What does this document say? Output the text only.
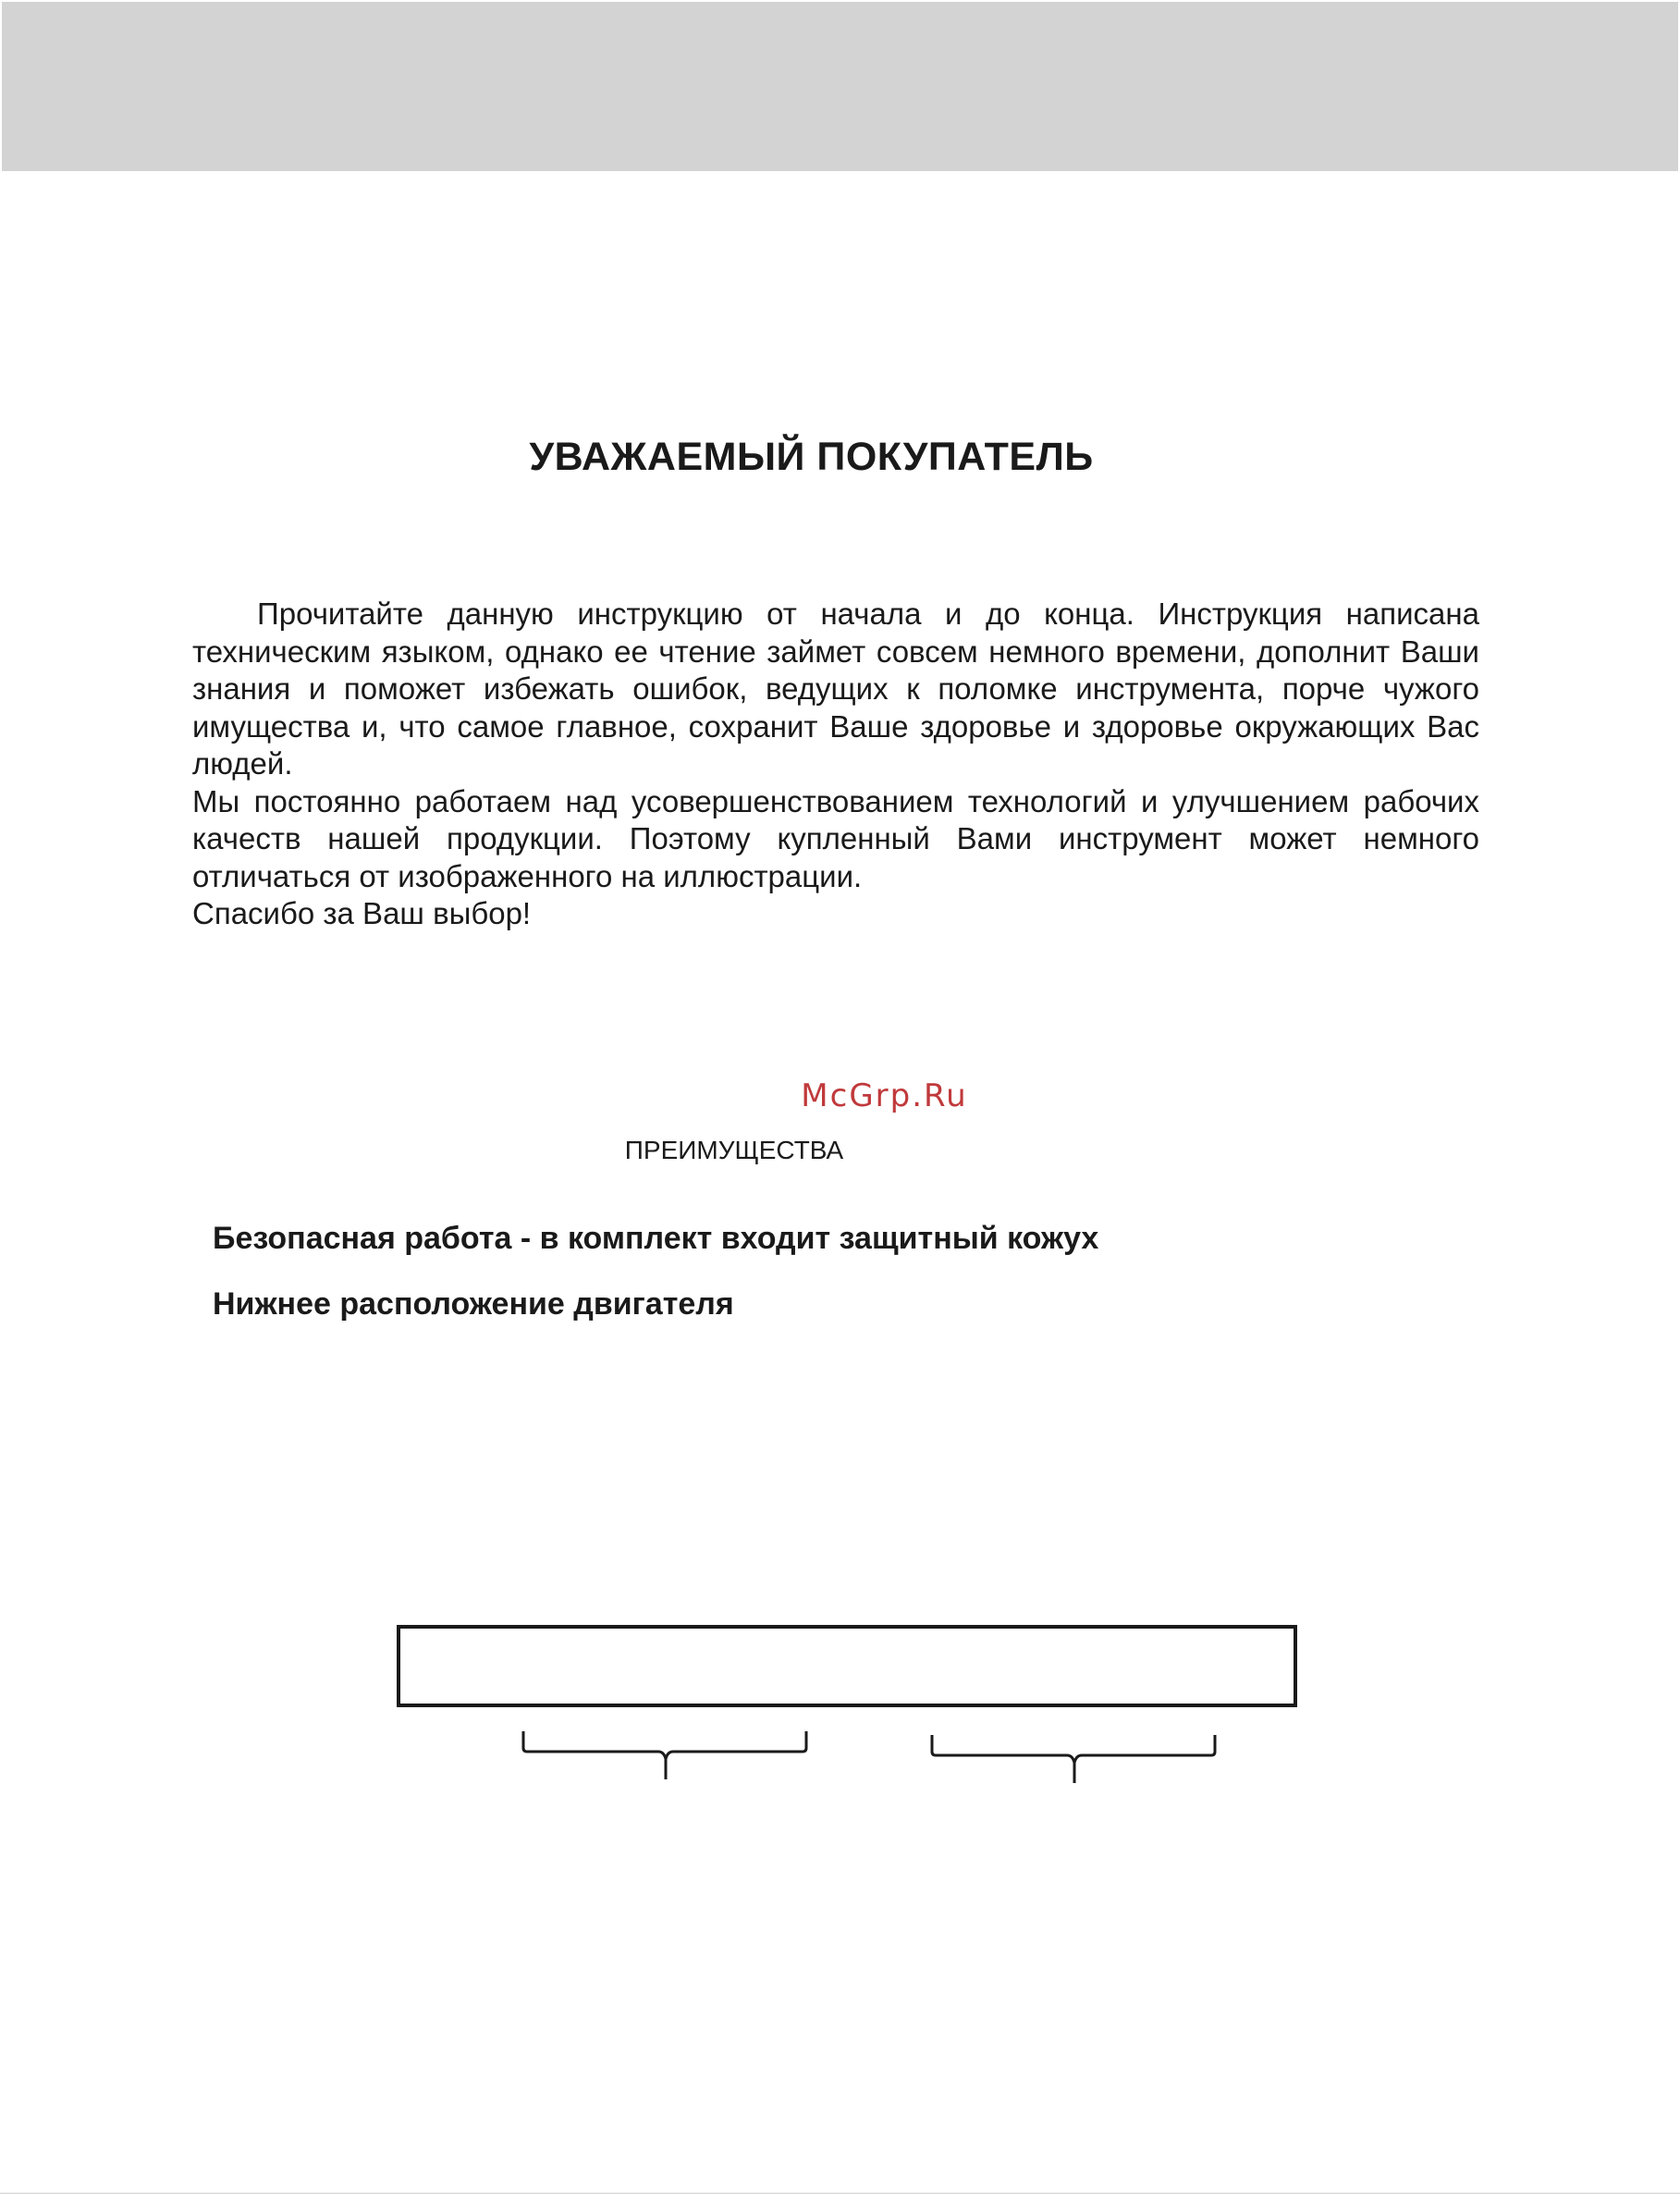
УВАЖАЕМЫЙ ПОКУПАТЕЛЬ

Прочитайте данную инструкцию от начала и до конца. Инструкция написана техническим языком, однако ее чтение займет совсем немного времени, дополнит Ваши знания и поможет избежать ошибок, ведущих к поломке инструмента, порче чужого имущества и, что самое главное, сохранит Ваше здоровье и здоровье окружающих Вас людей.

Мы постоянно работаем над усовершенствованием технологий и улучшением рабочих качеств нашей продукции. Поэтому купленный Вами инструмент может немного отличаться от изображенного на иллюстрации.

Спасибо за Ваш выбор!

McGrp.Ru
ПРЕИМУЩЕСТВА
Безопасная работа - в комплект входит защитный кожух
Нижнее расположение двигателя
